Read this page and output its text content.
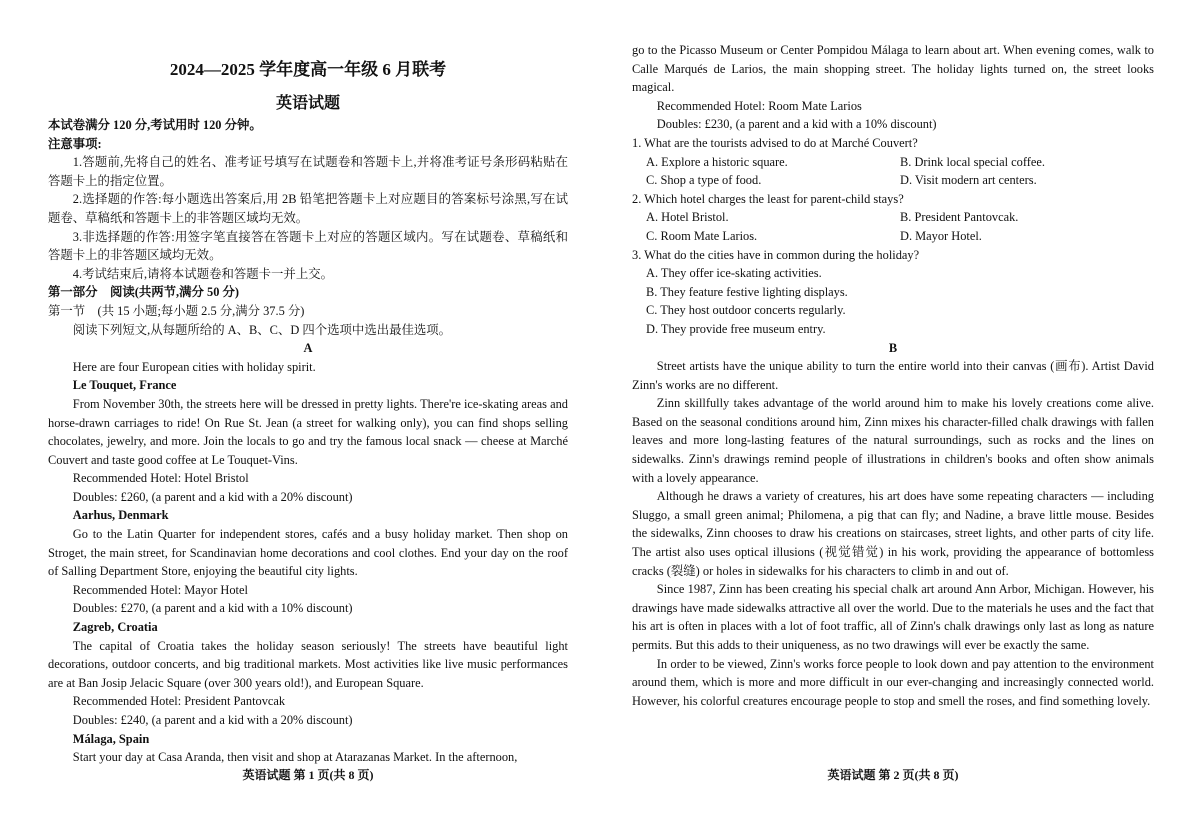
2024—2025 学年度高一年级 6 月联考
英语试题

本试卷满分 120 分,考试用时 120 分钟。

注意事项:

1.答题前,先将自己的姓名、准考证号填写在试题卷和答题卡上,并将准考证号条形码粘贴在答题卡上的指定位置。

2.选择题的作答:每小题选出答案后,用 2B 铅笔把答题卡上对应题目的答案标号涂黑,写在试题卷、草稿纸和答题卡上的非答题区域均无效。

3.非选择题的作答:用签字笔直接答在答题卡上对应的答题区域内。写在试题卷、草稿纸和答题卡上的非答题区域均无效。

4.考试结束后,请将本试题卷和答题卡一并上交。

第一部分　阅读(共两节,满分 50 分)

第一节　(共 15 小题;每小题 2.5 分,满分 37.5 分)

阅读下列短文,从每题所给的 A、B、C、D 四个选项中选出最佳选项。

A

Here are four European cities with holiday spirit.

Le Touquet, France

From November 30th, the streets here will be dressed in pretty lights. There're ice-skating areas and horse-drawn carriages to ride! On Rue St. Jean (a street for walking only), you can find shops selling chocolates, jewelry, and more. Join the locals to go and try the famous local snack — cheese at Marché Couvert and taste good coffee at Le Touquet-Vins.

Recommended Hotel: Hotel Bristol

Doubles: £260, (a parent and a kid with a 20% discount)

Aarhus, Denmark

Go to the Latin Quarter for independent stores, cafés and a busy holiday market. Then shop on Stroget, the main street, for Scandinavian home decorations and cool clothes. End your day on the roof of Salling Department Store, enjoying the beautiful city lights.

Recommended Hotel: Mayor Hotel

Doubles: £270, (a parent and a kid with a 10% discount)

Zagreb, Croatia

The capital of Croatia takes the holiday season seriously! The streets have beautiful light decorations, outdoor concerts, and big traditional markets. Most activities like live music performances are at Ban Josip Jelacic Square (over 300 years old!), and European Square.

Recommended Hotel: President Pantovcak

Doubles: £240, (a parent and a kid with a 20% discount)

Málaga, Spain

Start your day at Casa Aranda, then visit and shop at Atarazanas Market. In the afternoon,

英语试题 第 1 页(共 8 页)

go to the Picasso Museum or Center Pompidou Málaga to learn about art. When evening comes, walk to Calle Marqués de Larios, the main shopping street. The holiday lights turned on, the street looks magical.

Recommended Hotel: Room Mate Larios

Doubles: £230, (a parent and a kid with a 10% discount)

1. What are the tourists advised to do at Marché Couvert?

A. Explore a historic square.	B. Drink local special coffee.
C. Shop a type of food.	D. Visit modern art centers.

2. Which hotel charges the least for parent-child stays?

A. Hotel Bristol.	B. President Pantovcak.
C. Room Mate Larios.	D. Mayor Hotel.

3. What do the cities have in common during the holiday?

A. They offer ice-skating activities.

B. They feature festive lighting displays.

C. They host outdoor concerts regularly.

D. They provide free museum entry.

B

Street artists have the unique ability to turn the entire world into their canvas (画布). Artist David Zinn's works are no different.

Zinn skillfully takes advantage of the world around him to make his lovely creations come alive. Based on the seasonal conditions around him, Zinn mixes his character-filled chalk drawings with fallen leaves and more long-lasting features of the natural surroundings, such as rocks and the lines on sidewalks. Zinn's drawings remind people of illustrations in children's books and often show animals with a lovely appearance.

Although he draws a variety of creatures, his art does have some repeating characters — including Sluggo, a small green animal; Philomena, a pig that can fly; and Nadine, a brave little mouse. Besides the sidewalks, Zinn chooses to draw his creations on staircases, street lights, and other parts of city life. The artist also uses optical illusions (视觉错觉) in his work, providing the appearance of bottomless cracks (裂缝) or holes in sidewalks for his characters to climb in and out of.

Since 1987, Zinn has been creating his special chalk art around Ann Arbor, Michigan. However, his drawings have made sidewalks attractive all over the world. Due to the materials he uses and the fact that his art is often in places with a lot of foot traffic, all of Zinn's chalk drawings only last as long as nature permits. But this adds to their uniqueness, as no two drawings will ever be exactly the same.

In order to be viewed, Zinn's works force people to look down and pay attention to the environment around them, which is more and more difficult in our ever-changing and increasingly connected world. However, his colorful creatures encourage people to stop and smell the roses, and find something lovely.

英语试题 第 2 页(共 8 页)
